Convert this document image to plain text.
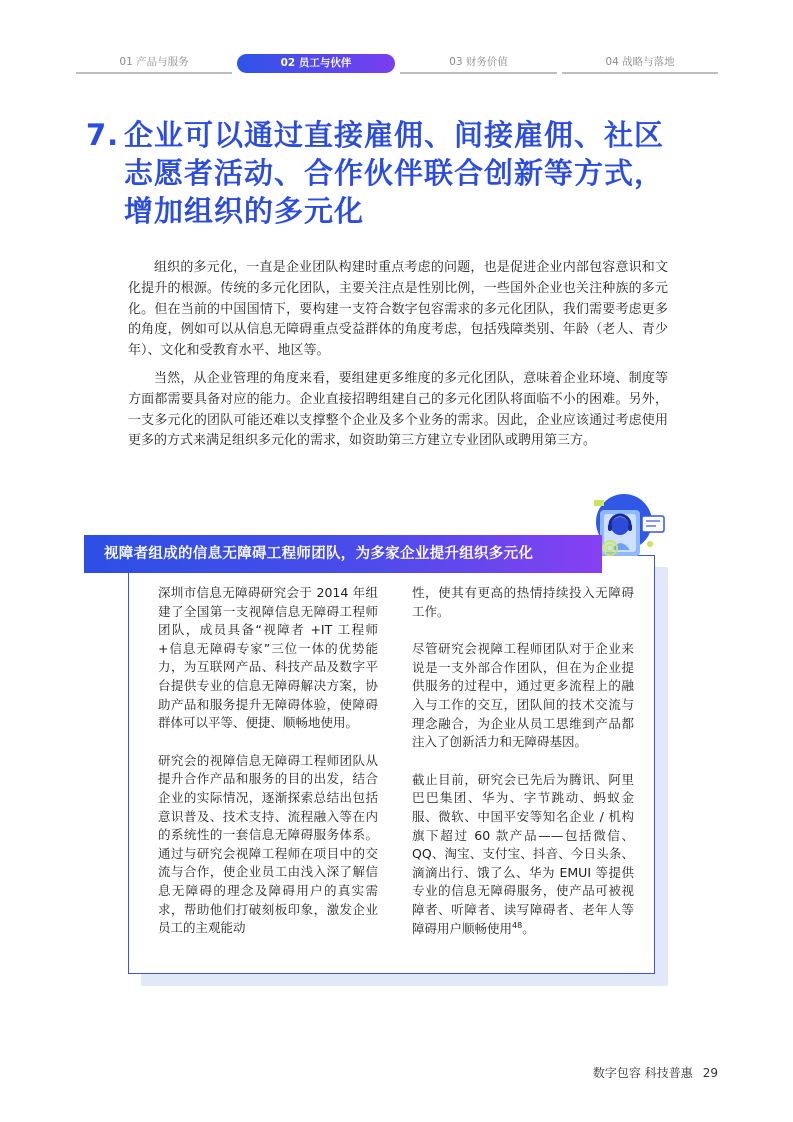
01 产品与服务	02 员工与伙伴	03 财务价值	04 战略与落地
7. 企业可以通过直接雇佣、间接雇佣、社区
志愿者活动、合作伙伴联合创新等方式，
增加组织的多元化

组织的多元化，一直是企业团队构建时重点考虑的问题，也是促进企业内部包容意识和文化提升的根源。传统的多元化团队，主要关注点是性别比例，一些国外企业也关注种族的多元化。但在当前的中国国情下，要构建一支符合数字包容需求的多元化团队，我们需要考虑更多的角度，例如可以从信息无障碍重点受益群体的角度考虑，包括残障类别、年龄（老人、青少年）、文化和受教育水平、地区等。

当然，从企业管理的角度来看，要组建更多维度的多元化团队，意味着企业环境、制度等方面都需要具备对应的能力。企业直接招聘组建自己的多元化团队将面临不小的困难。另外，一支多元化的团队可能还难以支撑整个企业及多个业务的需求。因此，企业应该通过考虑使用更多的方式来满足组织多元化的需求，如资助第三方建立专业团队或聘用第三方。

视障者组成的信息无障碍工程师团队，为多家企业提升组织多元化

深圳市信息无障碍研究会于 2014 年组建了全国第一支视障信息无障碍工程师团队，成员具备“视障者 +IT 工程师+信息无障碍专家”三位一体的优势能力，为互联网产品、科技产品及数字平台提供专业的信息无障碍解决方案，协助产品和服务提升无障碍体验，使障碍群体可以平等、便捷、顺畅地使用。

研究会的视障信息无障碍工程师团队从提升合作产品和服务的目的出发，结合企业的实际情况，逐渐探索总结出包括意识普及、技术支持、流程融入等在内的系统性的一套信息无障碍服务体系。通过与研究会视障工程师在项目中的交流与合作，使企业员工由浅入深了解信息无障碍的理念及障碍用户的真实需求，帮助他们打破刻板印象，激发企业员工的主观能动

性，使其有更高的热情持续投入无障碍工作。

尽管研究会视障工程师团队对于企业来说是一支外部合作团队，但在为企业提供服务的过程中，通过更多流程上的融入与工作的交互，团队间的技术交流与理念融合，为企业从员工思维到产品都注入了创新活力和无障碍基因。

截止目前，研究会已先后为腾讯、阿里巴巴集团、华为、字节跳动、蚂蚁金服、微软、中国平安等知名企业 / 机构旗下超过 60 款产品——包括微信、QQ、淘宝、支付宝、抖音、今日头条、滴滴出行、饿了么、华为 EMUI 等提供专业的信息无障碍服务，使产品可被视障者、听障者、读写障碍者、老年人等障碍用户顺畅使用$^{48}$。

数字包容 科技普惠 29
